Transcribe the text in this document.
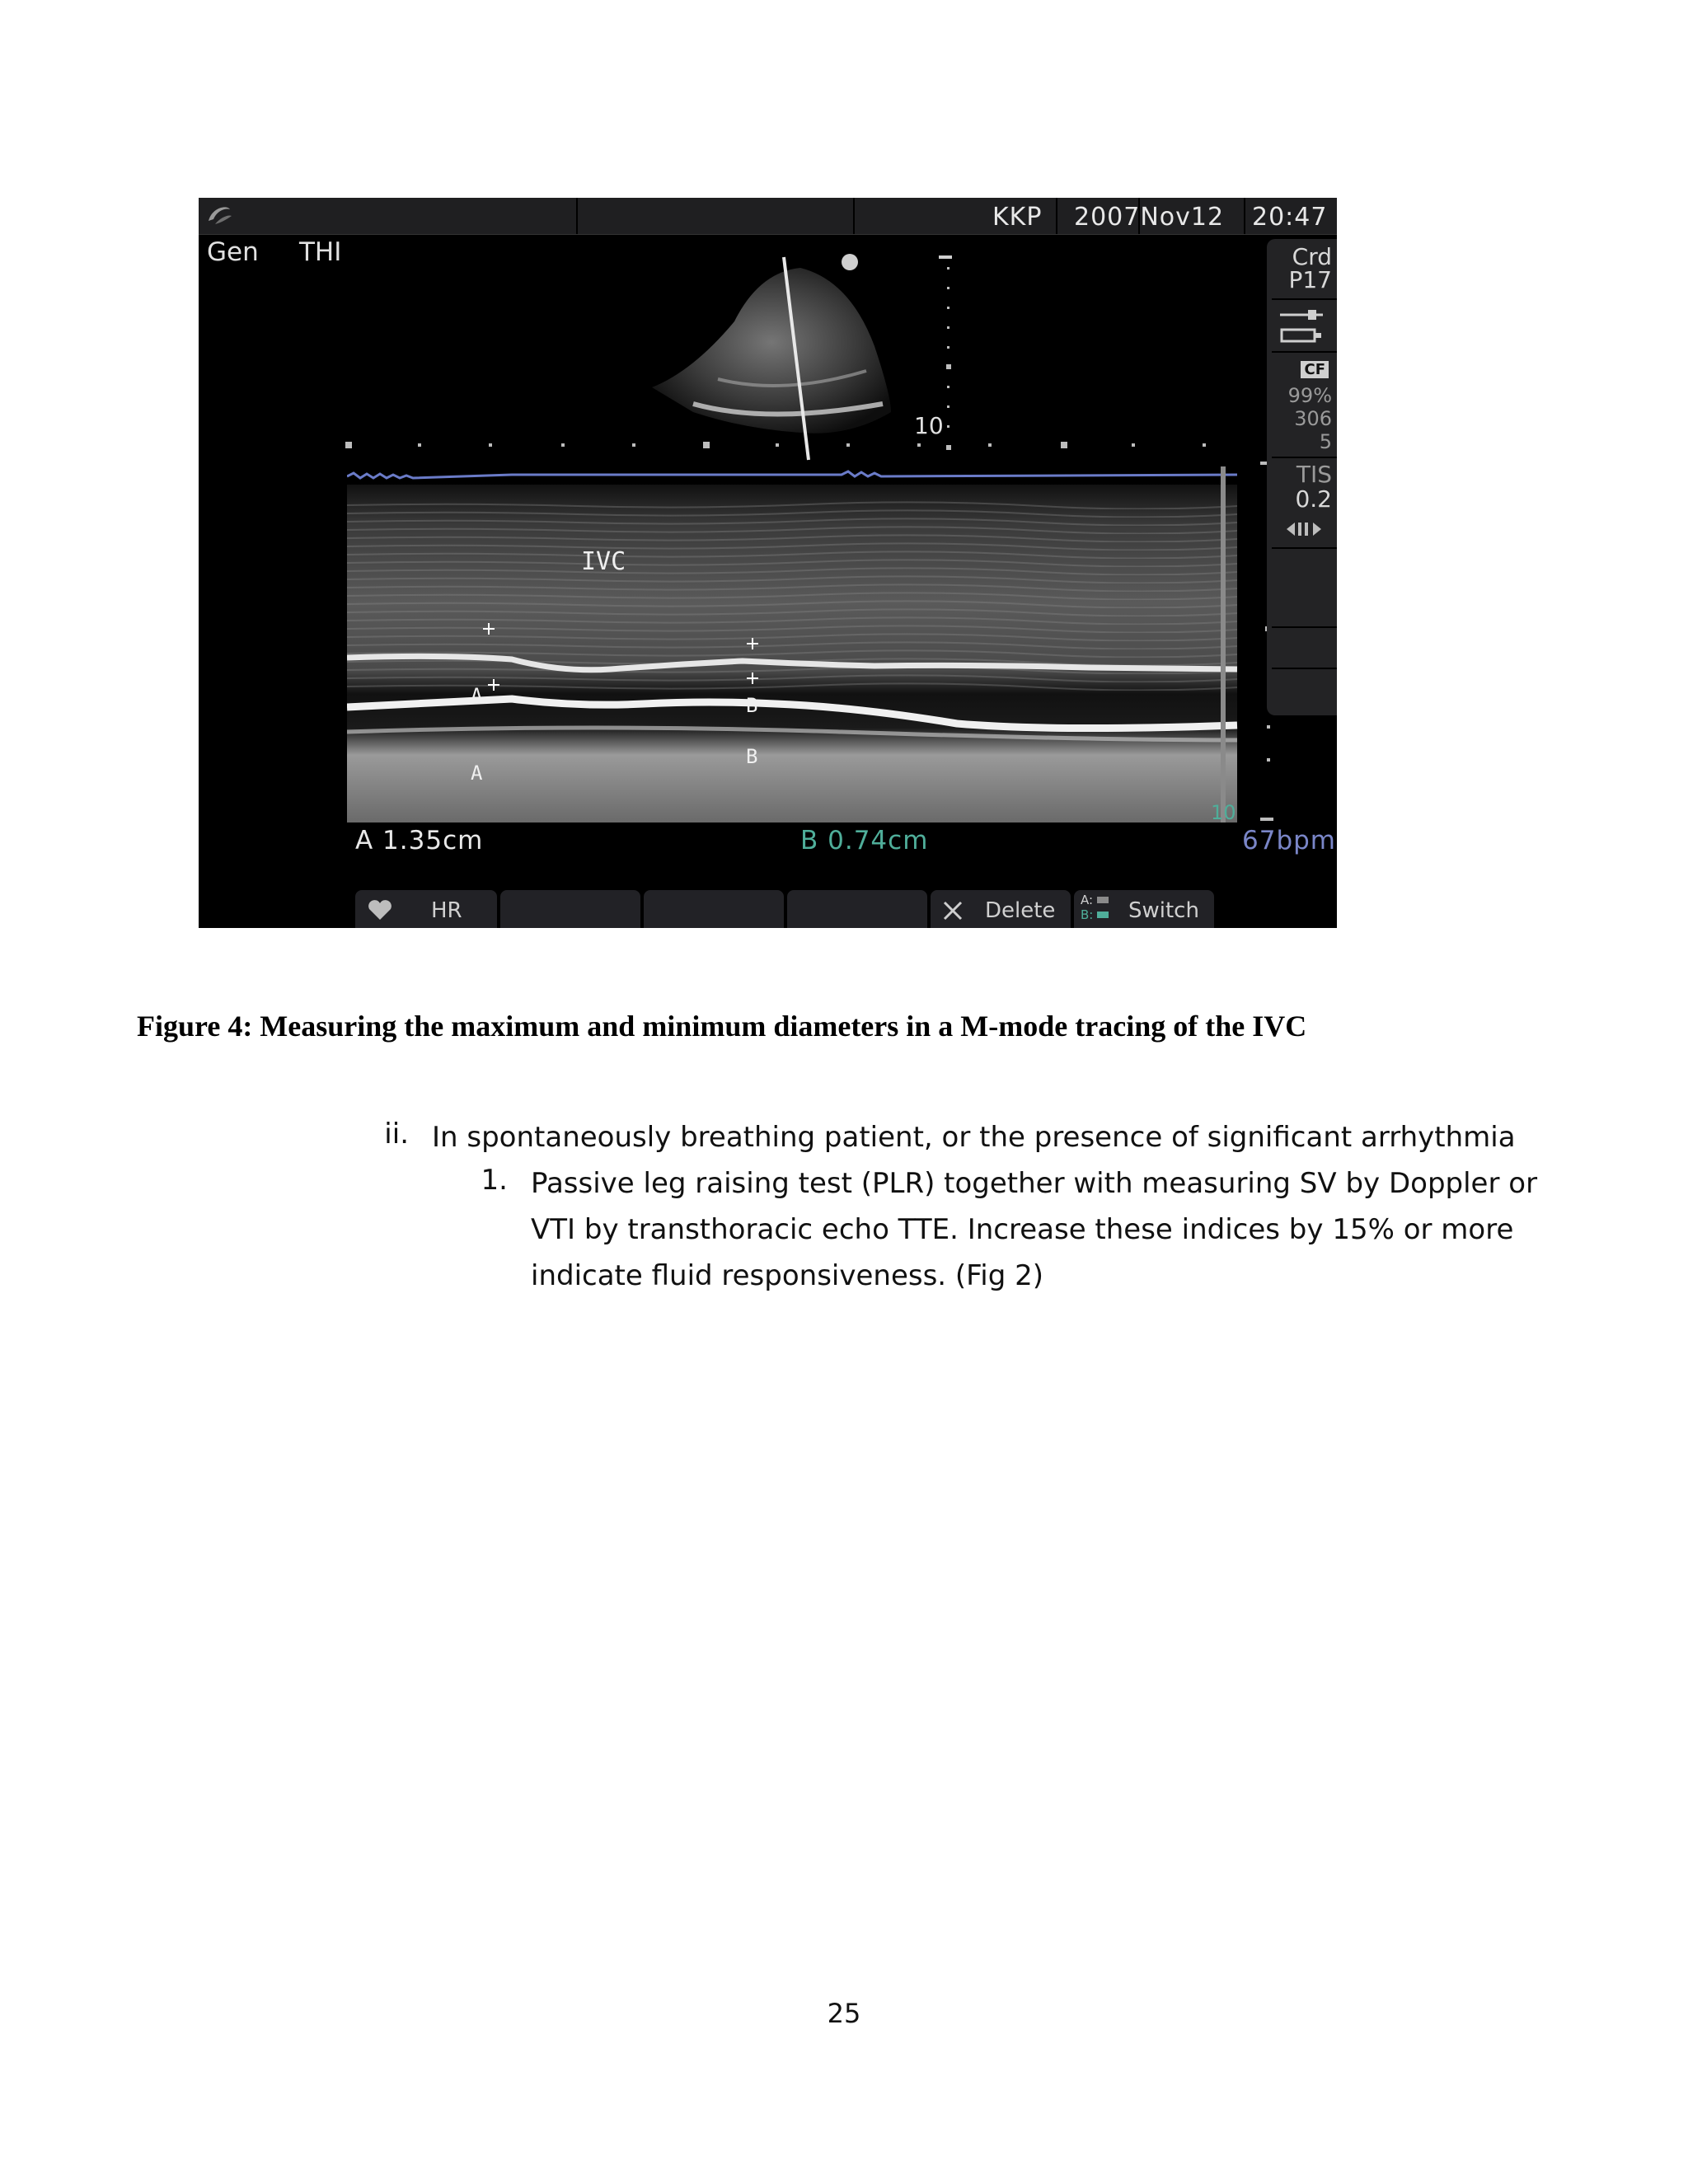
KKP 2007Nov12 20:47
Gen THI
10
10
IVC
A
A
B
B
Crd
P17
CF
99%
306
5
TIS
0.2
A 1.35cm	B 0.74cm	67bpm
HR	Delete A:
B: Switch
Figure 4: Measuring the maximum and minimum diameters in a M-mode tracing of the IVC
ii. In spontaneously breathing patient, or the presence of significant arrhythmia
1. Passive leg raising test (PLR) together with measuring SV by Doppler or VTI by transthoracic echo TTE. Increase these indices by 15% or more indicate fluid responsiveness. (Fig 2)
25
